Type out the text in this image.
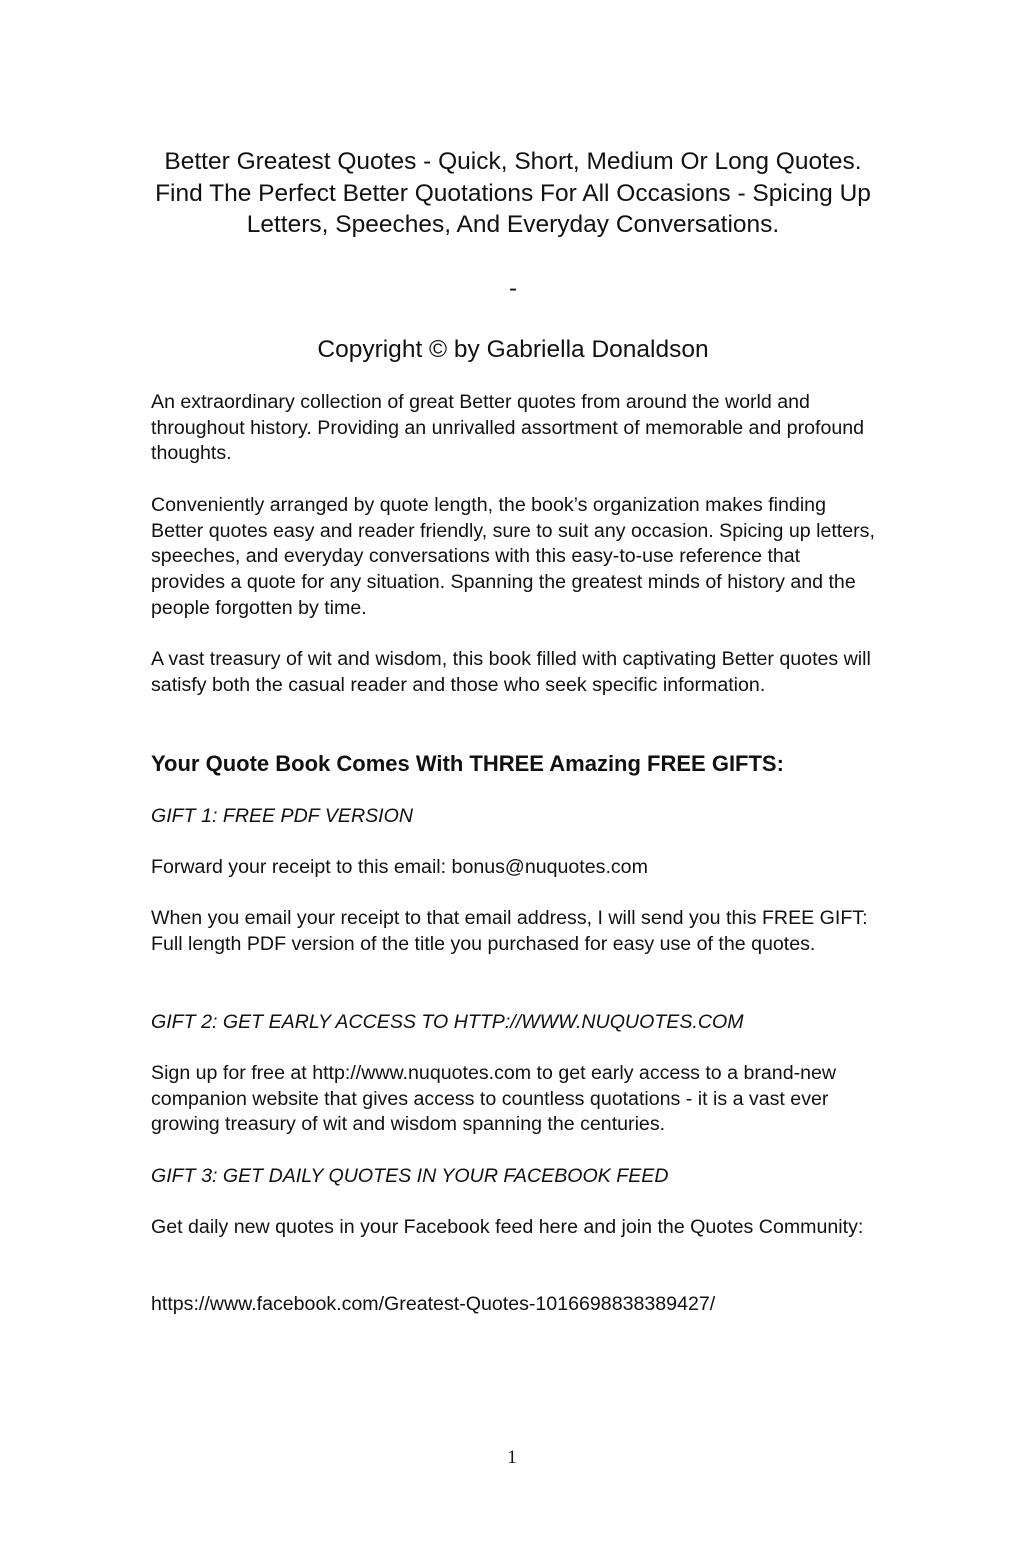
Better Greatest Quotes - Quick, Short, Medium Or Long Quotes. Find The Perfect Better Quotations For All Occasions - Spicing Up Letters, Speeches, And Everyday Conversations.
-
Copyright © by Gabriella Donaldson

An extraordinary collection of great Better quotes from around the world and throughout history. Providing an unrivalled assortment of memorable and profound thoughts.

Conveniently arranged by quote length, the book’s organization makes finding Better quotes easy and reader friendly, sure to suit any occasion. Spicing up letters, speeches, and everyday conversations with this easy-to-use reference that provides a quote for any situation. Spanning the greatest minds of history and the people forgotten by time.

A vast treasury of wit and wisdom, this book filled with captivating Better quotes will satisfy both the casual reader and those who seek specific information.

Your Quote Book Comes With THREE Amazing FREE GIFTS:

GIFT 1: FREE PDF VERSION

Forward your receipt to this email: bonus@nuquotes.com

When you email your receipt to that email address, I will send you this FREE GIFT: Full length PDF version of the title you purchased for easy use of the quotes.

GIFT 2: GET EARLY ACCESS TO HTTP://WWW.NUQUOTES.COM

Sign up for free at http://www.nuquotes.com to get early access to a brand-new companion website that gives access to countless quotations - it is a vast ever growing treasury of wit and wisdom spanning the centuries.

GIFT 3: GET DAILY QUOTES IN YOUR FACEBOOK FEED

Get daily new quotes in your Facebook feed here and join the Quotes Community:

https://www.facebook.com/Greatest-Quotes-1016698838389427/

1
